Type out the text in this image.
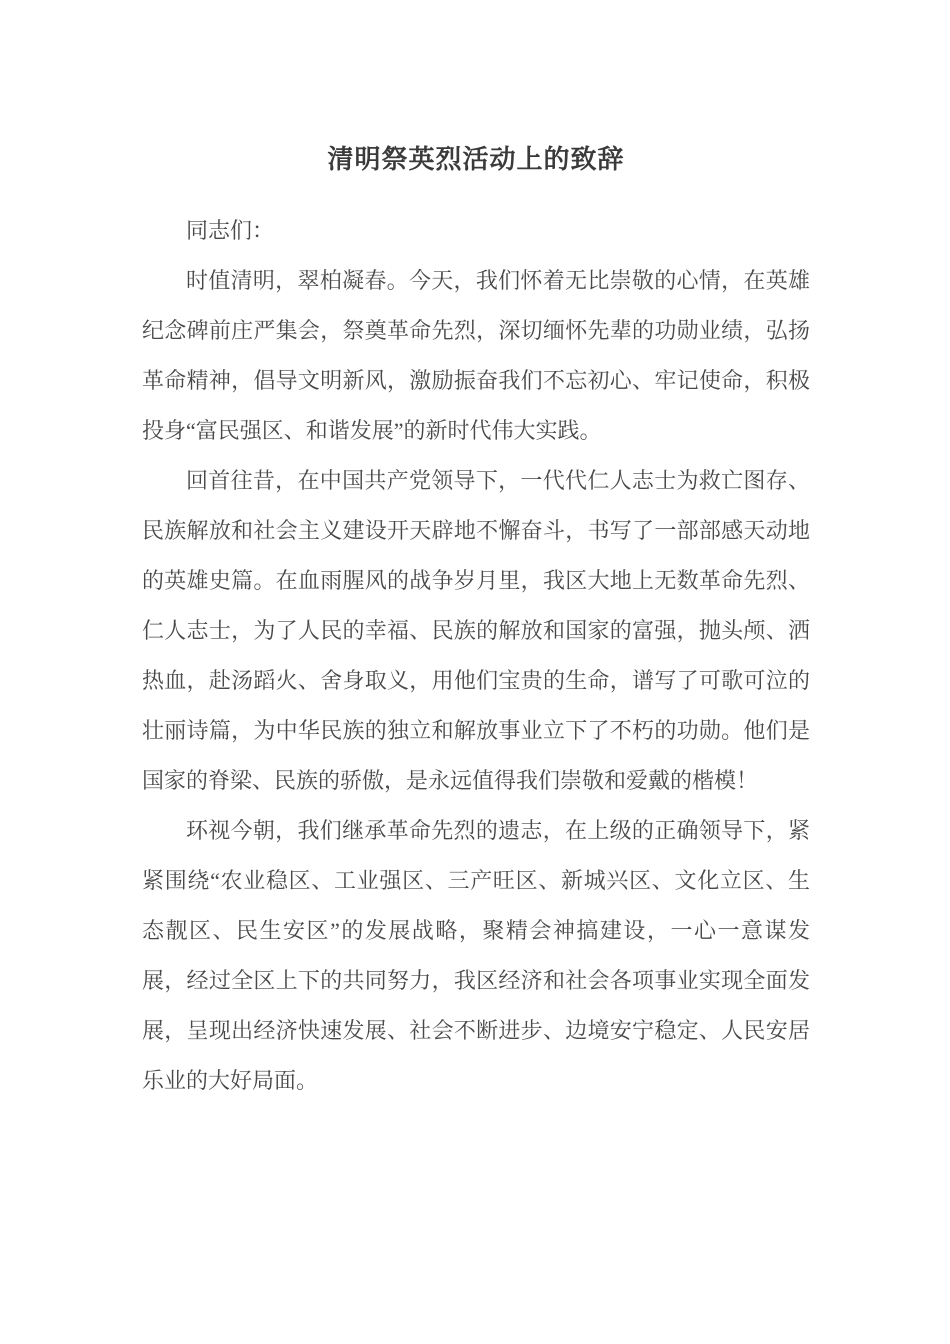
清明祭英烈活动上的致辞

同志们：

时值清明，翠柏凝春。今天，我们怀着无比崇敬的心情，在英雄纪念碑前庄严集会，祭奠革命先烈，深切缅怀先辈的功勋业绩，弘扬革命精神，倡导文明新风，激励振奋我们不忘初心、牢记使命，积极投身“富民强区、和谐发展”的新时代伟大实践。

回首往昔，在中国共产党领导下，一代代仁人志士为救亡图存、民族解放和社会主义建设开天辟地不懈奋斗，书写了一部部感天动地的英雄史篇。在血雨腥风的战争岁月里，我区大地上无数革命先烈、仁人志士，为了人民的幸福、民族的解放和国家的富强，抛头颅、洒热血，赴汤蹈火、舍身取义，用他们宝贵的生命，谱写了可歌可泣的壮丽诗篇，为中华民族的独立和解放事业立下了不朽的功勋。他们是国家的脊梁、民族的骄傲，是永远值得我们崇敬和爱戴的楷模！

环视今朝，我们继承革命先烈的遗志，在上级的正确领导下，紧紧围绕“农业稳区、工业强区、三产旺区、新城兴区、文化立区、生态靓区、民生安区”的发展战略，聚精会神搞建设，一心一意谋发展，经过全区上下的共同努力，我区经济和社会各项事业实现全面发展，呈现出经济快速发展、社会不断进步、边境安宁稳定、人民安居乐业的大好局面。
